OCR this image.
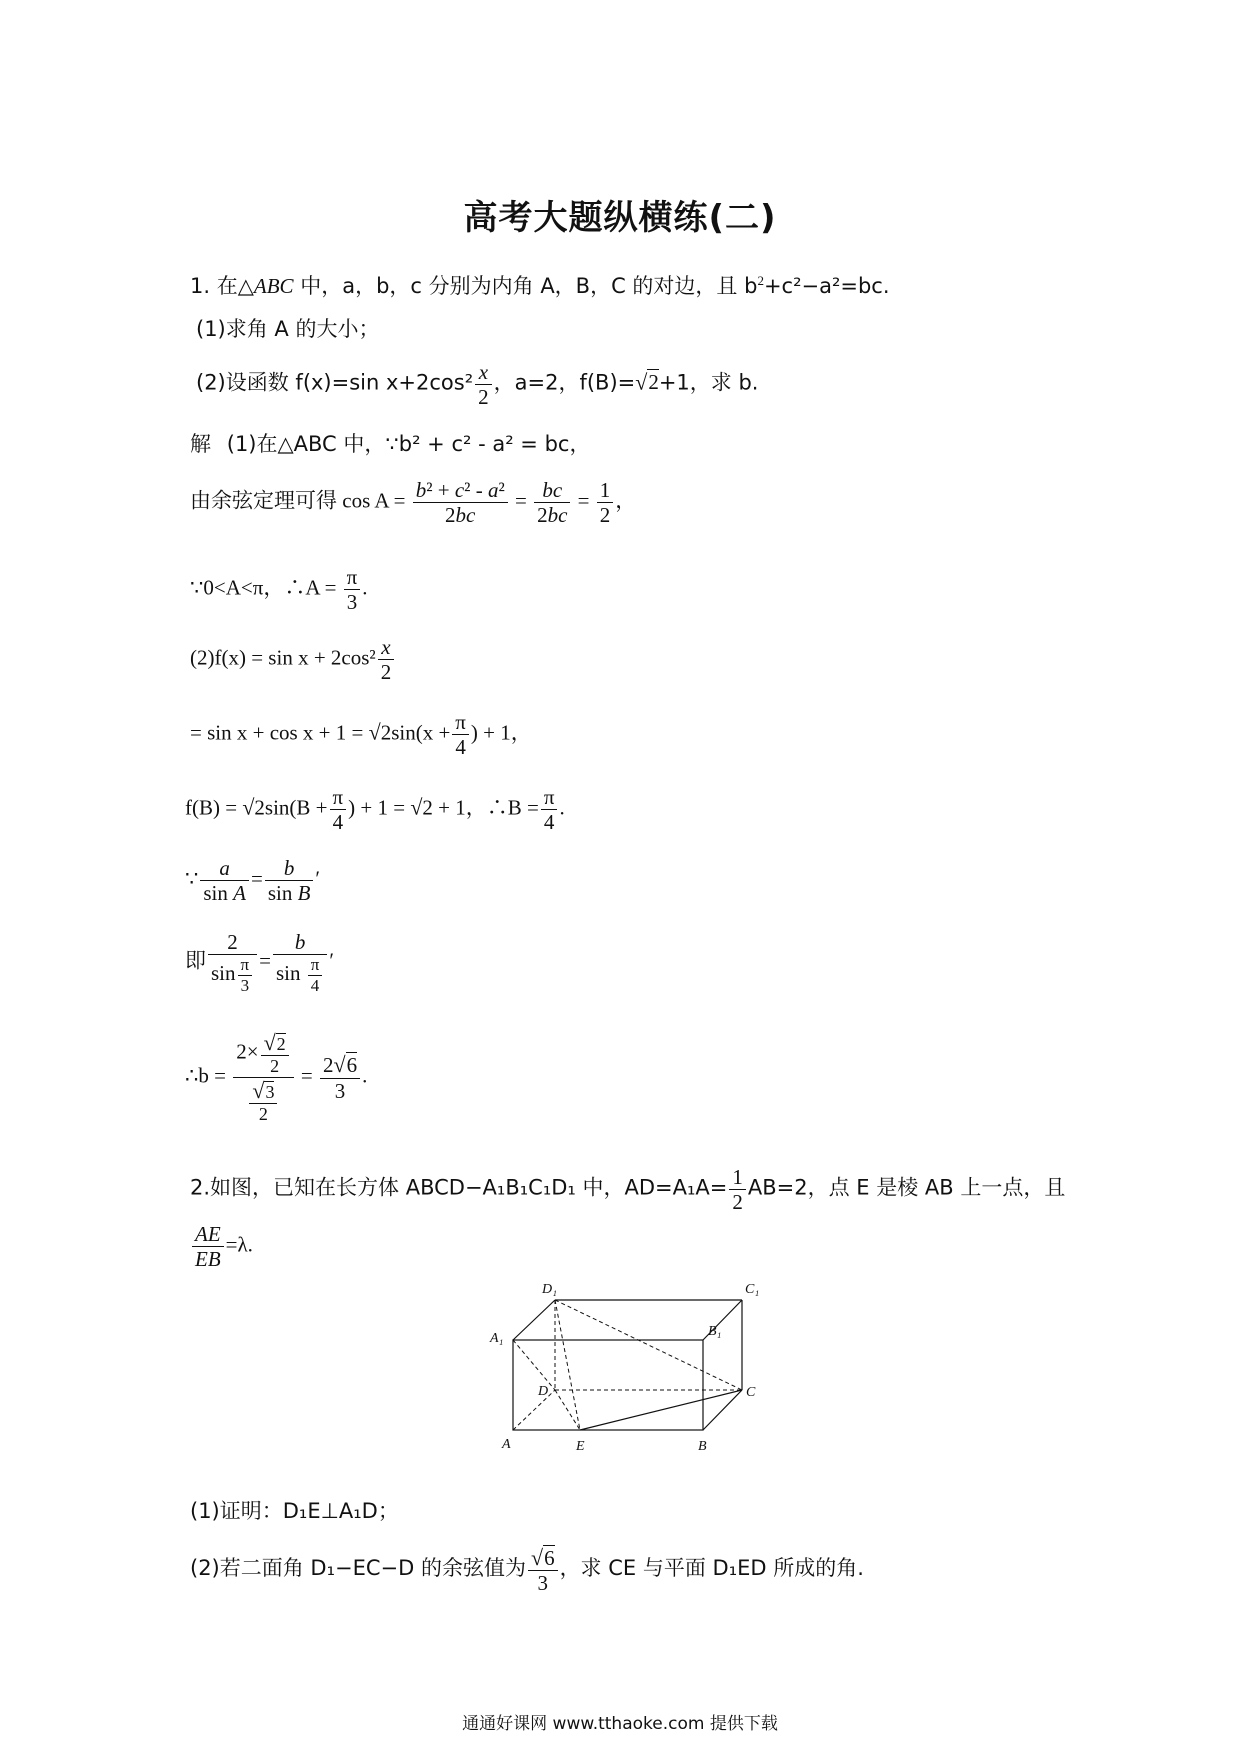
高考大题纵横练(二)
1. 在△ABC 中，a，b，c 分别为内角 A，B，C 的对边，且 $b^2+c^2-a^2=bc$.
(1)求角 A 的大小；
(2)设函数 f(x)=sin $x+2\cos^2 \frac{x}{2}$ ，a=2，f(B)=√2+1，求 b.
解 (1)在△ABC 中，∵b² + c² - a² = bc，
由余弦定理可得 $\cos A = \frac{\text{b² + c² - a²}}{2bc} = \frac{bc}{2bc} = \frac{1}{2}$ ，
∵0<A<π，∴A = $\frac{\pi}{3}$ .
$(2)f(x) = \sin x + 2\cos^2 \frac{x}{2}$
= $\sin x + \cos x + 1 = √2\sin(x + \frac{\pi}{4}$ ) + 1，
$f(B) = √2\sin(B + \frac{\pi}{4}$ ) + 1 = √2 + 1，∴B = $\frac{\pi}{4}$ .
∵ $\frac{a}{\text{sin A}} = \frac{b}{\text{sin B}}$ ′
即 $\frac{2}{\sin \frac{\pi}{3}} = \frac{b}{\sin \frac{\pi}{4}}$ ′
∴b = $\frac{2\times \frac{√2}{2}}{\frac{√3}{2}} = \frac{2√6}{3}$ .
2.如图，已知在长方体 ABCD−A₁B₁C₁D₁ 中，$AD=A_1A= \frac{1}{2} AB=2$，点 E 是棱 AB 上一点，且
$\frac{AE}{EB} =\lambda$.
D₁	C₁
A₁	B₁
D	C
A	E	B
(1)证明：D₁E⊥A₁D；
(2)若二面角 D₁−EC−D 的余弦值为 $\frac{√6}{3}$ ，求 CE 与平面 D₁ED 所成的角.
通通好课网 www.tthaoke.com 提供下载
